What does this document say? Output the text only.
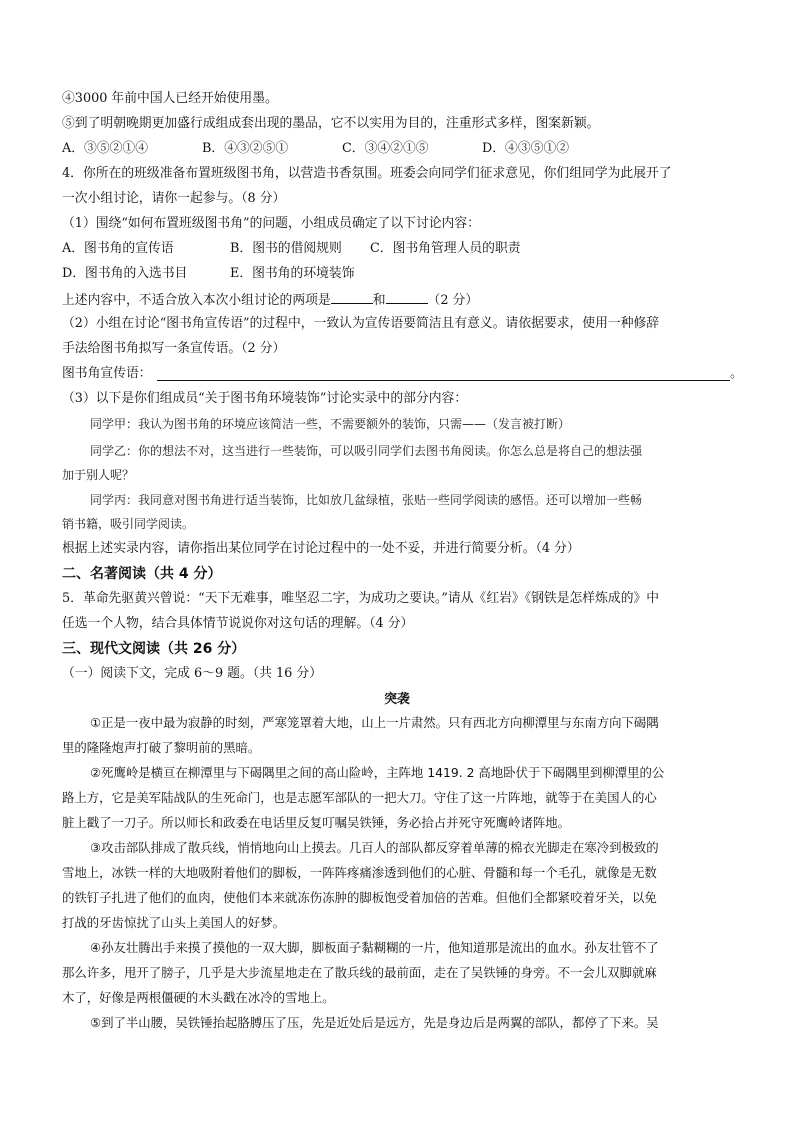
④3000 年前中国人已经开始使用墨。
⑤到了明朝晚期更加盛行成组成套出现的墨品，它不以实用为目的，注重形式多样，图案新颖。
A．③⑤②①④	B．④③②⑤①	C．③④②①⑤	D．④③⑤①②
4．你所在的班级准备布置班级图书角，以营造书香氛围。班委会向同学们征求意见，你们组同学为此展开了
一次小组讨论，请你一起参与。（8 分）
（1）围绕“如何布置班级图书角”的问题，小组成员确定了以下讨论内容：
A．图书角的宣传语	B．图书的借阅规则 C．图书角管理人员的职责
D．图书角的入选书目	E．图书角的环境装饰
上述内容中，不适合放入本次小组讨论的两项是	和	（2 分）
（2）小组在讨论“图书角宣传语”的过程中，一致认为宣传语要简洁且有意义。请依据要求，使用一种修辞
手法给图书角拟写一条宣传语。（2 分）
图书角宣传语：	。
（3）以下是你们组成员“关于图书角环境装饰”讨论实录中的部分内容：
同学甲：我认为图书角的环境应该简洁一些，不需要额外的装饰，只需——（发言被打断）
同学乙：你的想法不对，这当进行一些装饰，可以吸引同学们去图书角阅读。你怎么总是将自己的想法强
加于别人呢？
同学丙：我同意对图书角进行适当装饰，比如放几盆绿植，张贴一些同学阅读的感悟。还可以增加一些畅
销书籍，吸引同学阅读。
根据上述实录内容，请你指出某位同学在讨论过程中的一处不妥，并进行简要分析。（4 分）
二、名著阅读（共 4 分）
5．革命先驱黄兴曾说：“天下无难事，唯坚忍二字，为成功之要诀。”请从《红岩》《钢铁是怎样炼成的》中
任选一个人物，结合具体情节说说你对这句话的理解。（4 分）
三、现代文阅读（共 26 分）
（一）阅读下文，完成 6～9 题。（共 16 分）
突袭
①正是一夜中最为寂静的时刻，严寒笼罩着大地，山上一片肃然。只有西北方向柳潭里与东南方向下碣隅
里的隆隆炮声打破了黎明前的黑暗。
②死鹰岭是横亘在柳潭里与下碣隅里之间的高山险岭，主阵地 1419. 2 高地卧伏于下碣隅里到柳潭里的公
路上方，它是美军陆战队的生死命门，也是志愿军部队的一把大刀。守住了这一片阵地，就等于在美国人的心
脏上戳了一刀子。所以师长和政委在电话里反复叮嘱吴铁锤，务必拾占并死守死鹰岭诸阵地。
③攻击部队排成了散兵线，悄悄地向山上摸去。几百人的部队都反穿着单薄的棉衣光脚走在寒冷到极致的
雪地上，冰铁一样的大地吸附着他们的脚板，一阵阵疼痛渗透到他们的心脏、骨髓和每一个毛孔，就像是无数
的铁钉子扎进了他们的血肉，使他们本来就冻伤冻肿的脚板饱受着加倍的苦难。但他们全都紧咬着牙关，以免
打战的牙齿惊扰了山头上美国人的好梦。
④孙友壮腾出手来摸了摸他的一双大脚，脚板面子黏糊糊的一片，他知道那是流出的血水。孙友壮管不了
那么许多，甩开了膀子，几乎是大步流星地走在了散兵线的最前面，走在了吴铁锤的身旁。不一会儿双脚就麻
木了，好像是两根僵硬的木头戳在冰冷的雪地上。
⑤到了半山腰，吴铁锤抬起胳膊压了压，先是近处后是远方，先是身边后是两翼的部队，都停了下来。吴
